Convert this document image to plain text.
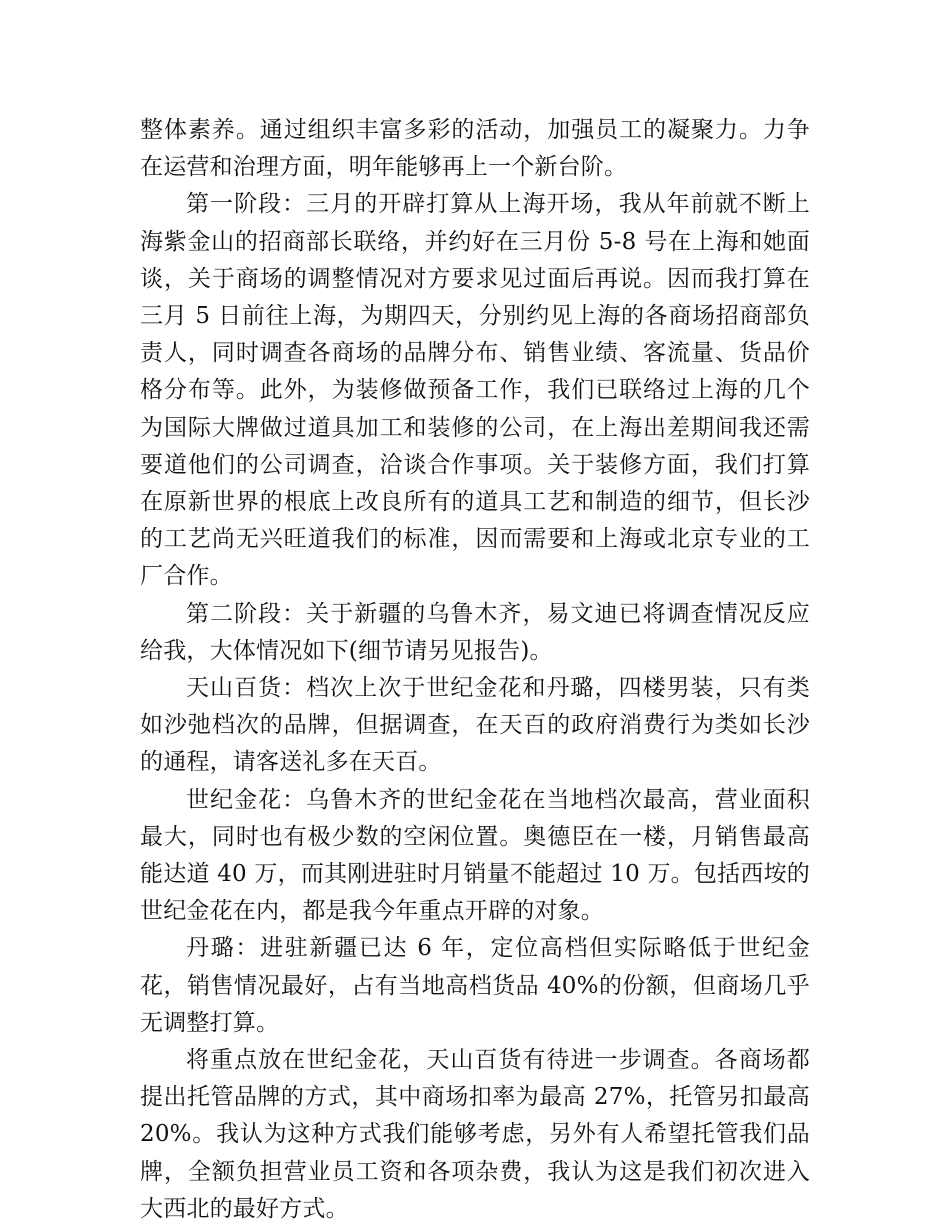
整体素养。通过组织丰富多彩的活动，加强员工的凝聚力。力争在运营和治理方面，明年能够再上一个新台阶。

第一阶段：三月的开辟打算从上海开场，我从年前就不断上海紫金山的招商部长联络，并约好在三月份 5-8 号在上海和她面谈，关于商场的调整情况对方要求见过面后再说。因而我打算在三月 5 日前往上海，为期四天，分别约见上海的各商场招商部负责人，同时调查各商场的品牌分布、销售业绩、客流量、货品价格分布等。此外，为装修做预备工作，我们已联络过上海的几个为国际大牌做过道具加工和装修的公司，在上海出差期间我还需要道他们的公司调查，洽谈合作事项。关于装修方面，我们打算在原新世界的根底上改良所有的道具工艺和制造的细节，但长沙的工艺尚无兴旺道我们的标准，因而需要和上海或北京专业的工厂合作。

第二阶段：关于新疆的乌鲁木齐，易文迪已将调查情况反应给我，大体情况如下(细节请另见报告)。

天山百货：档次上次于世纪金花和丹璐，四楼男装，只有类如沙弛档次的品牌，但据调查，在天百的政府消费行为类如长沙的通程，请客送礼多在天百。

世纪金花：乌鲁木齐的世纪金花在当地档次最高，营业面积最大，同时也有极少数的空闲位置。奥德臣在一楼，月销售最高能达道 40 万，而其刚进驻时月销量不能超过 10 万。包括西垵的世纪金花在内，都是我今年重点开辟的对象。

丹璐：进驻新疆已达 6 年，定位高档但实际略低于世纪金花，销售情况最好，占有当地高档货品 40%的份额，但商场几乎无调整打算。

将重点放在世纪金花，天山百货有待进一步调查。各商场都提出托管品牌的方式，其中商场扣率为最高 27%，托管另扣最高 20%。我认为这种方式我们能够考虑，另外有人希望托管我们品牌，全额负担营业员工资和各项杂费，我认为这是我们初次进入大西北的最好方式。
